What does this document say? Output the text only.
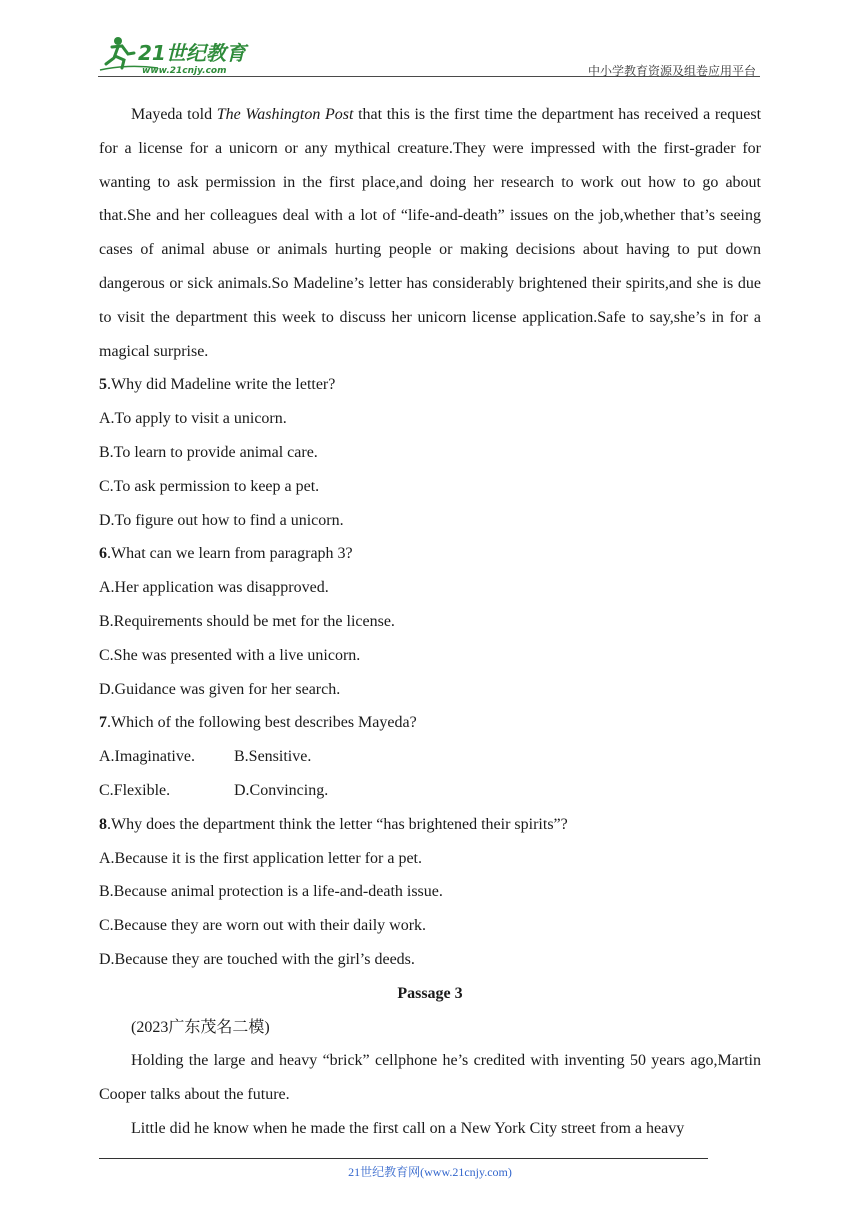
21世纪教育
www.21cnjy.com	中小学教育资源及组卷应用平台

Mayeda told The Washington Post that this is the first time the department has received a request for a license for a unicorn or any mythical creature.They were impressed with the first-grader for wanting to ask permission in the first place,and doing her research to work out how to go about that.She and her colleagues deal with a lot of “life-and-death” issues on the job,whether that’s seeing cases of animal abuse or animals hurting people or making decisions about having to put down dangerous or sick animals.So Madeline’s letter has considerably brightened their spirits,and she is due to visit the department this week to discuss her unicorn license application.Safe to say,she’s in for a magical surprise.

5.Why did Madeline write the letter?

A.To apply to visit a unicorn.

B.To learn to provide animal care.

C.To ask permission to keep a pet.

D.To figure out how to find a unicorn.

6.What can we learn from paragraph 3?

A.Her application was disapproved.

B.Requirements should be met for the license.

C.She was presented with a live unicorn.

D.Guidance was given for her search.

7.Which of the following best describes Mayeda?

A.Imaginative.	B.Sensitive.

C.Flexible.	D.Convincing.

8.Why does the department think the letter “has brightened their spirits”?

A.Because it is the first application letter for a pet.

B.Because animal protection is a life-and-death issue.

C.Because they are worn out with their daily work.

D.Because they are touched with the girl’s deeds.

Passage 3

(2023广东茂名二模)

Holding the large and heavy “brick” cellphone he’s credited with inventing 50 years ago,Martin Cooper talks about the future.

Little did he know when he made the first call on a New York City street from a heavy

21世纪教育网(www.21cnjy.com)
